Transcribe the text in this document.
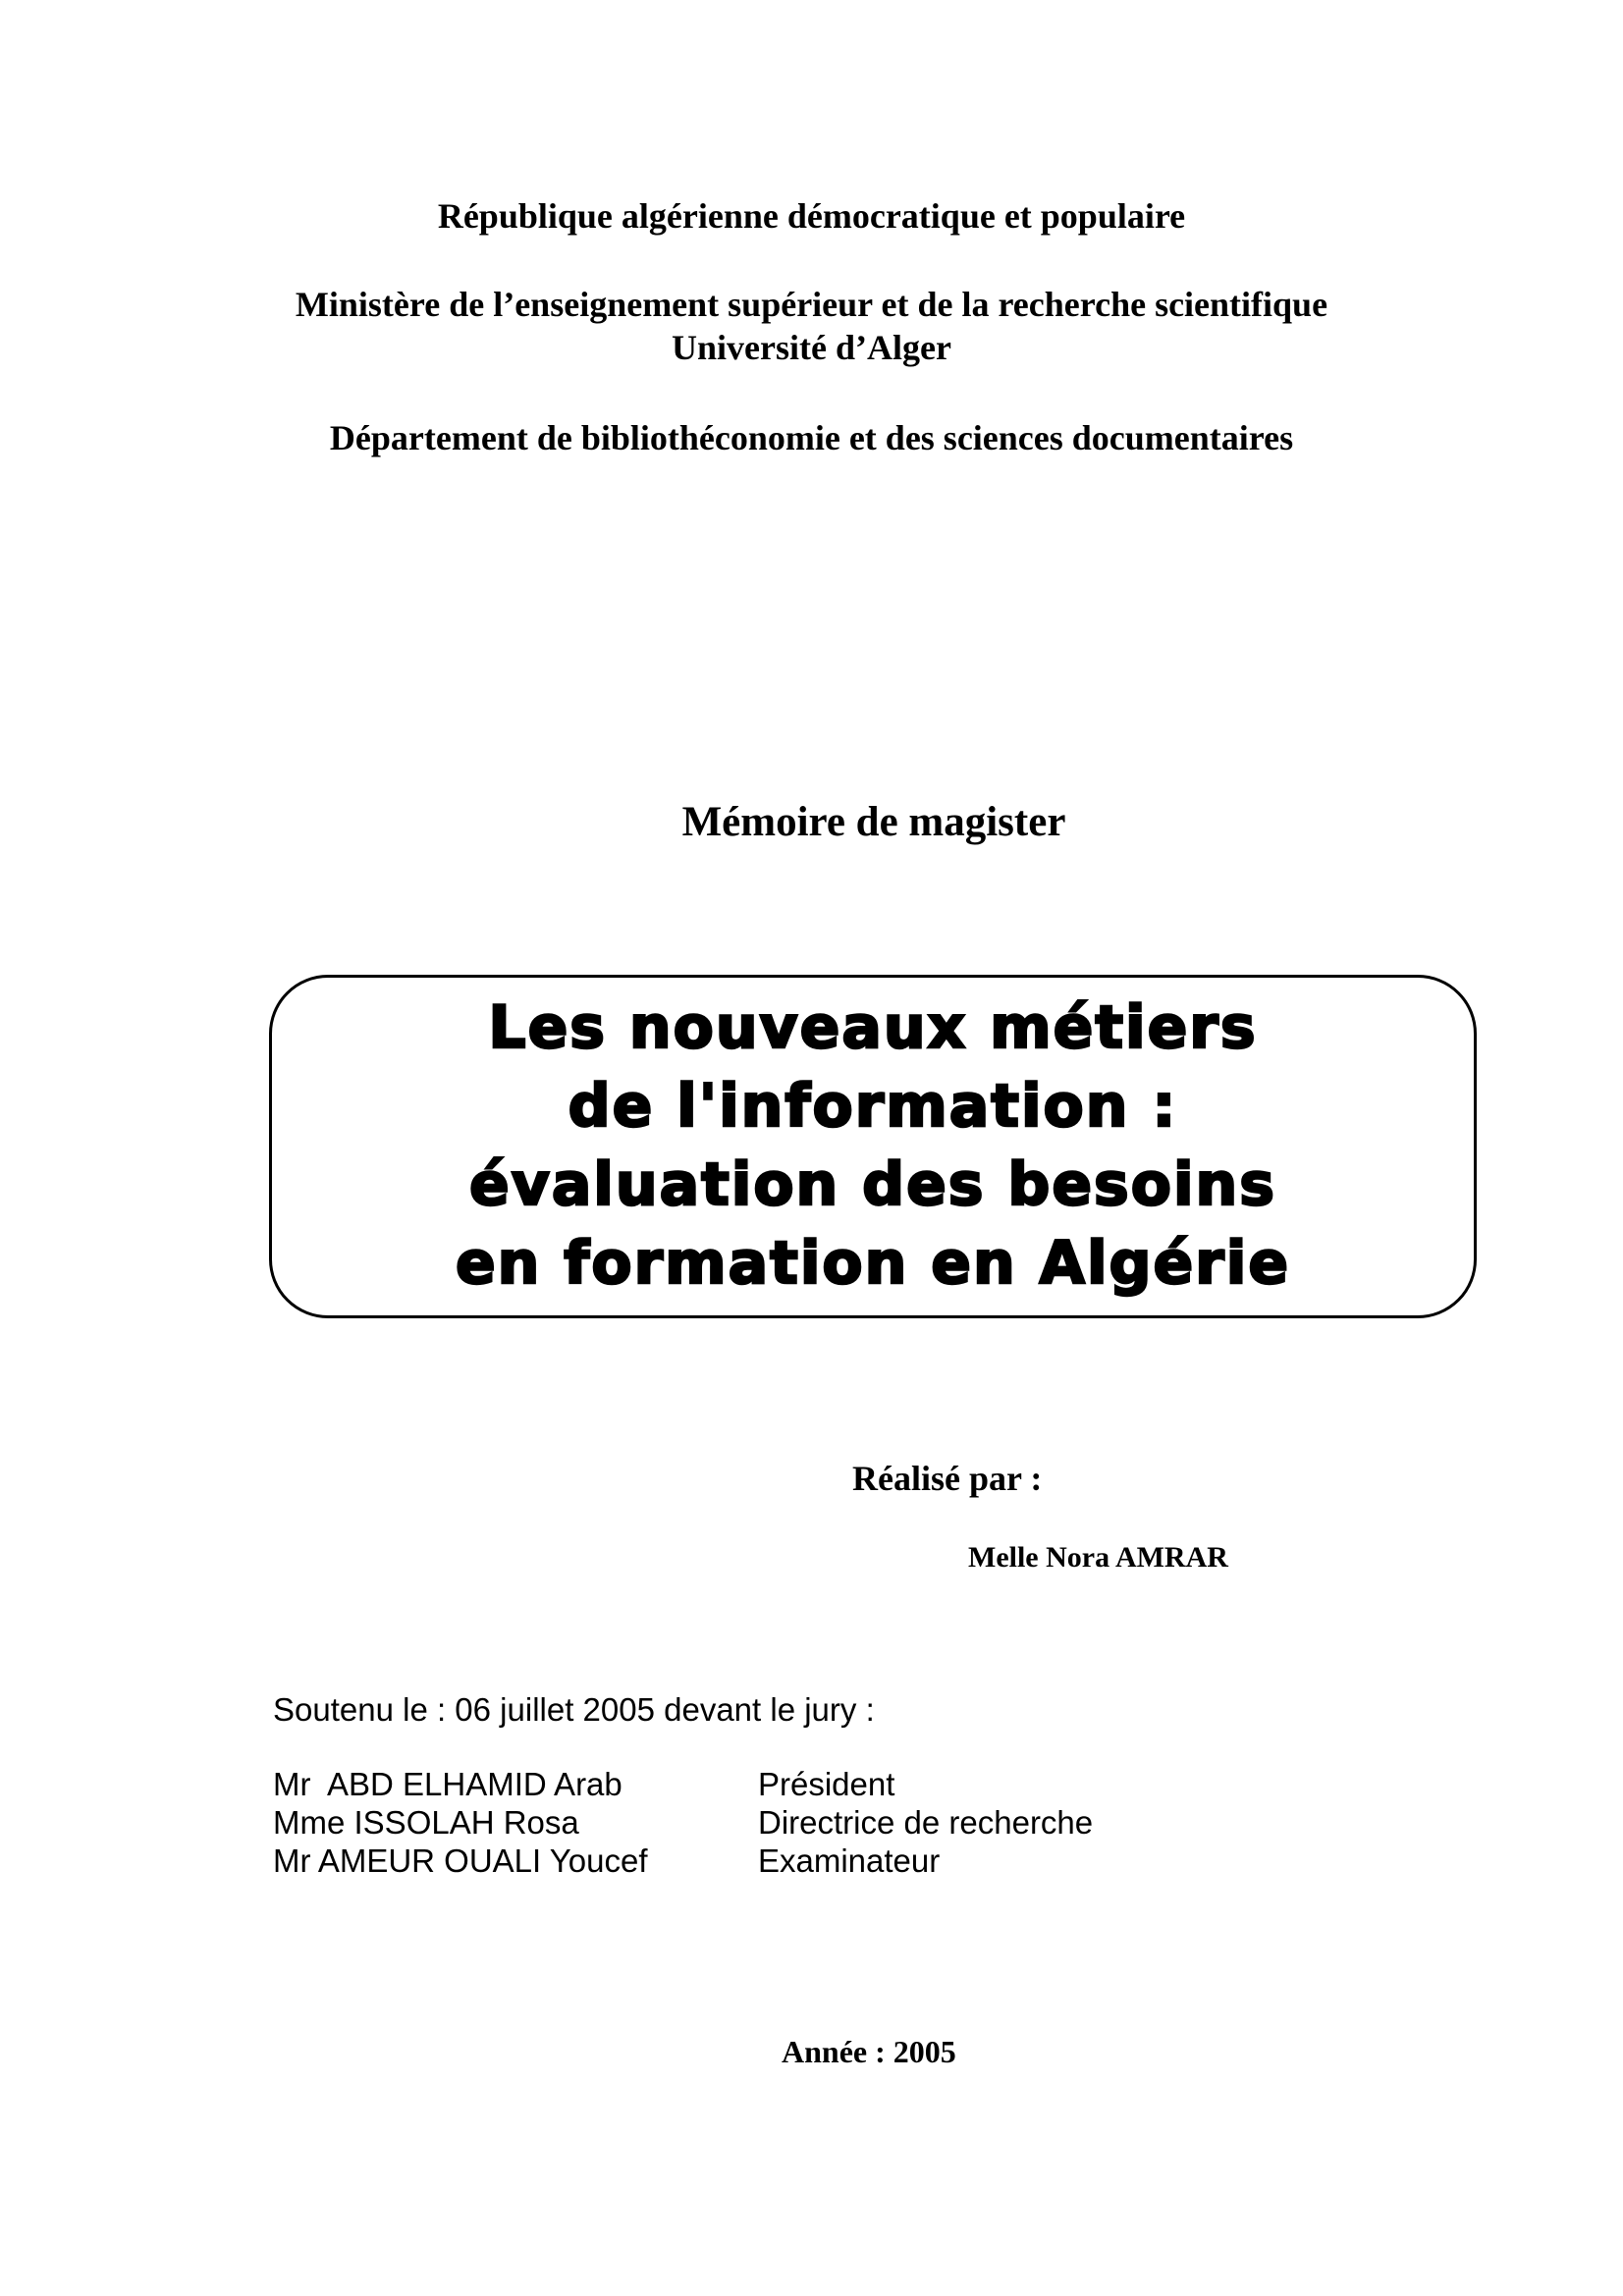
République algérienne démocratique et populaire
Ministère de l’enseignement supérieur et de la recherche scientifique
Université d’Alger
Département de bibliothéconomie et des sciences documentaires
Mémoire de magister
Les nouveaux métiers
de l'information :
évaluation des besoins
en formation en Algérie
Réalisé par :
Melle Nora AMRAR
Soutenu le : 06 juillet 2005 devant le jury :
Mr  ABD ELHAMID Arab	Président
Mme ISSOLAH Rosa	Directrice de recherche
Mr AMEUR OUALI Youcef	Examinateur
Année : 2005
